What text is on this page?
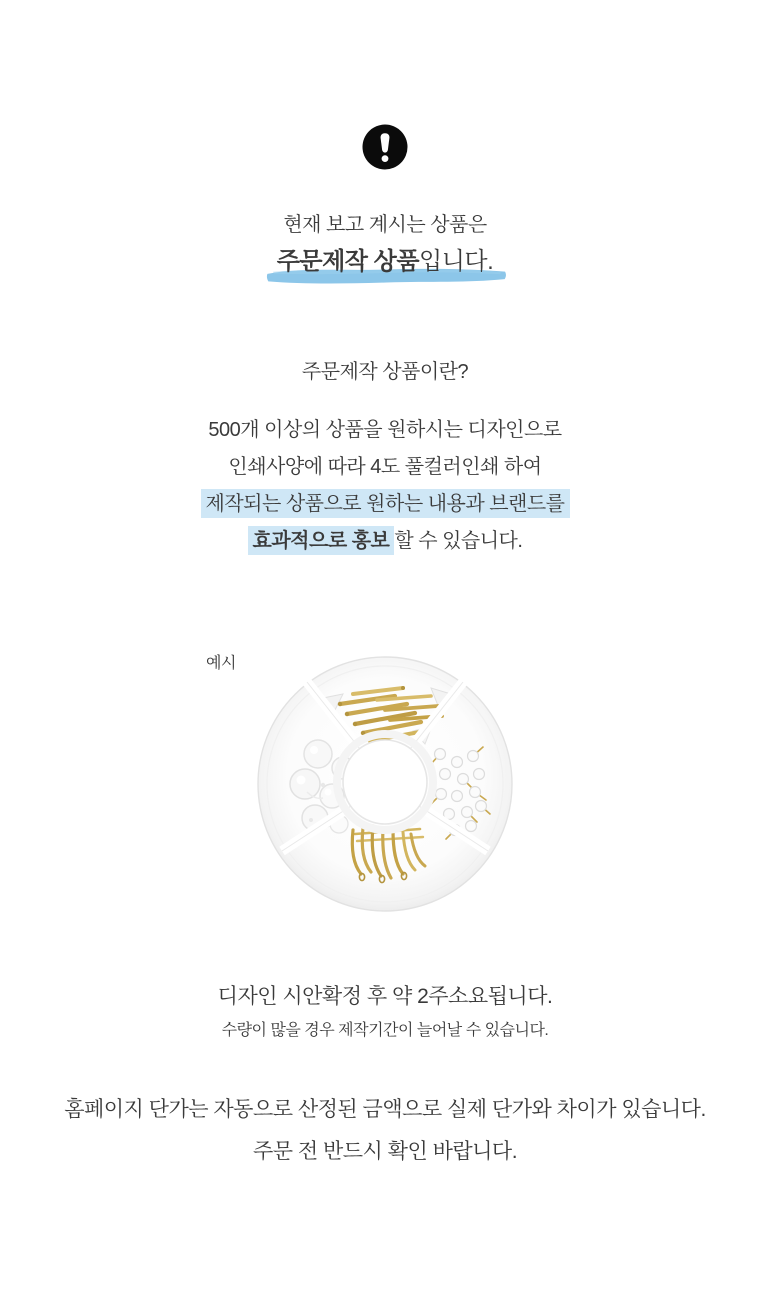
현재 보고 계시는 상품은
주문제작 상품입니다.
주문제작 상품이란?
500개 이상의 상품을 원하시는 디자인으로
인쇄사양에 따라 4도 풀컬러인쇄 하여
제작되는 상품으로 원하는 내용과 브랜드를
효과적으로 홍보 할 수 있습니다.
예시
디자인 시안확정 후 약 2주소요됩니다.
수량이 많을 경우 제작기간이 늘어날 수 있습니다.
홈페이지 단가는 자동으로 산정된 금액으로 실제 단가와 차이가 있습니다.
주문 전 반드시 확인 바랍니다.
